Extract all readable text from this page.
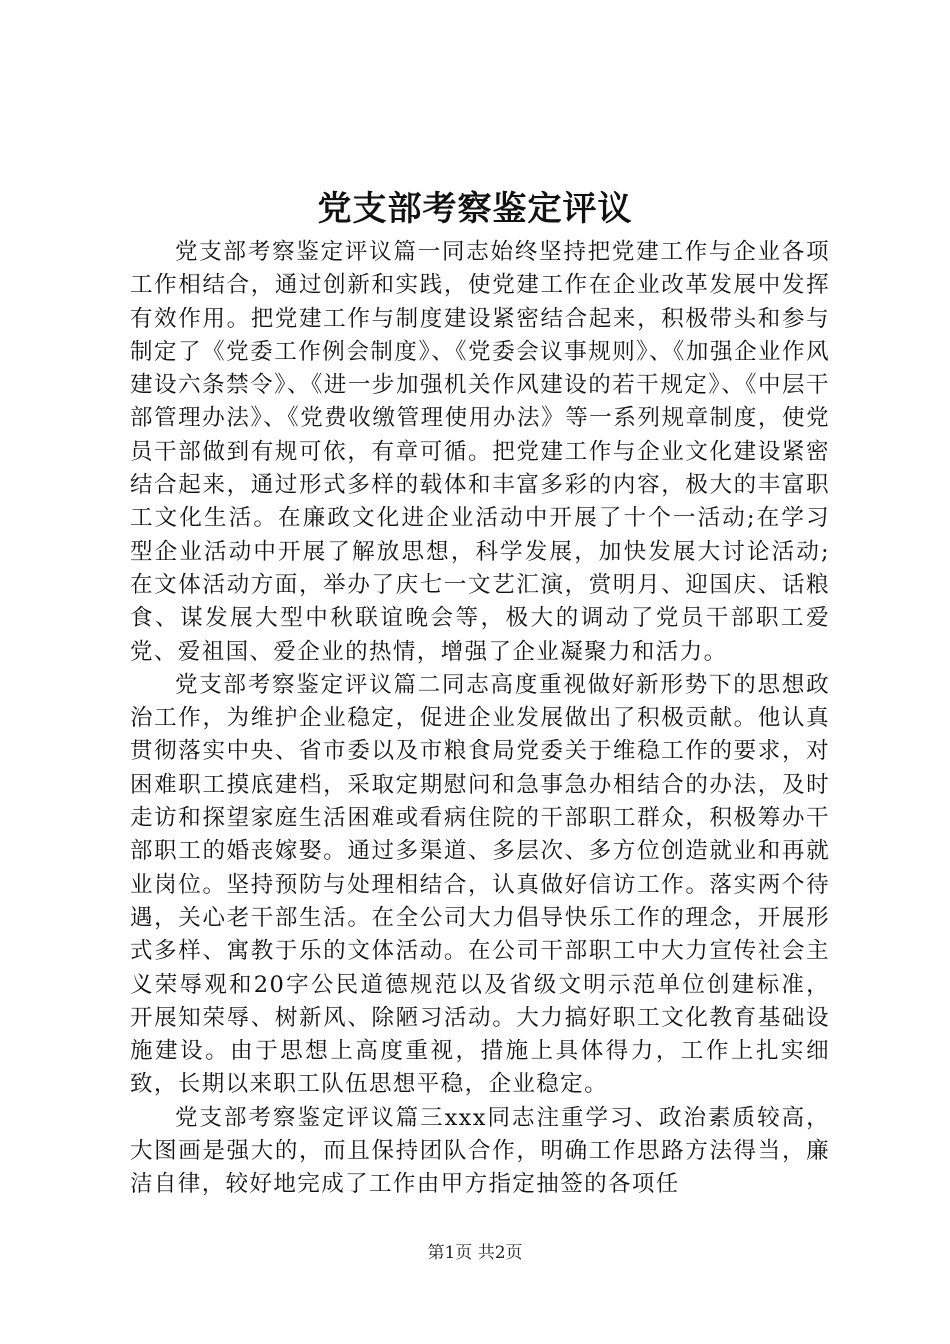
党支部考察鉴定评议

党支部考察鉴定评议篇一同志始终坚持把党建工作与企业各项工作相结合，通过创新和实践，使党建工作在企业改革发展中发挥有效作用。把党建工作与制度建设紧密结合起来，积极带头和参与制定了《党委工作例会制度》、《党委会议事规则》、《加强企业作风建设六条禁令》、《进一步加强机关作风建设的若干规定》、《中层干部管理办法》、《党费收缴管理使用办法》等一系列规章制度，使党员干部做到有规可依，有章可循。把党建工作与企业文化建设紧密结合起来，通过形式多样的载体和丰富多彩的内容，极大的丰富职工文化生活。在廉政文化进企业活动中开展了十个一活动;在学习型企业活动中开展了解放思想，科学发展，加快发展大讨论活动;在文体活动方面，举办了庆七一文艺汇演，赏明月、迎国庆、话粮食、谋发展大型中秋联谊晚会等，极大的调动了党员干部职工爱党、爱祖国、爱企业的热情，增强了企业凝聚力和活力。

党支部考察鉴定评议篇二同志高度重视做好新形势下的思想政治工作，为维护企业稳定，促进企业发展做出了积极贡献。他认真贯彻落实中央、省市委以及市粮食局党委关于维稳工作的要求，对困难职工摸底建档，采取定期慰问和急事急办相结合的办法，及时走访和探望家庭生活困难或看病住院的干部职工群众，积极筹办干部职工的婚丧嫁娶。通过多渠道、多层次、多方位创造就业和再就业岗位。坚持预防与处理相结合，认真做好信访工作。落实两个待遇，关心老干部生活。在全公司大力倡导快乐工作的理念，开展形式多样、寓教于乐的文体活动。在公司干部职工中大力宣传社会主义荣辱观和20字公民道德规范以及省级文明示范单位创建标准，开展知荣辱、树新风、除陋习活动。大力搞好职工文化教育基础设施建设。由于思想上高度重视，措施上具体得力，工作上扎实细致，长期以来职工队伍思想平稳，企业稳定。

党支部考察鉴定评议篇三xxx同志注重学习、政治素质较高，大图画是强大的，而且保持团队合作，明确工作思路方法得当，廉洁自律，较好地完成了工作由甲方指定抽签的各项任

第1页 共2页
